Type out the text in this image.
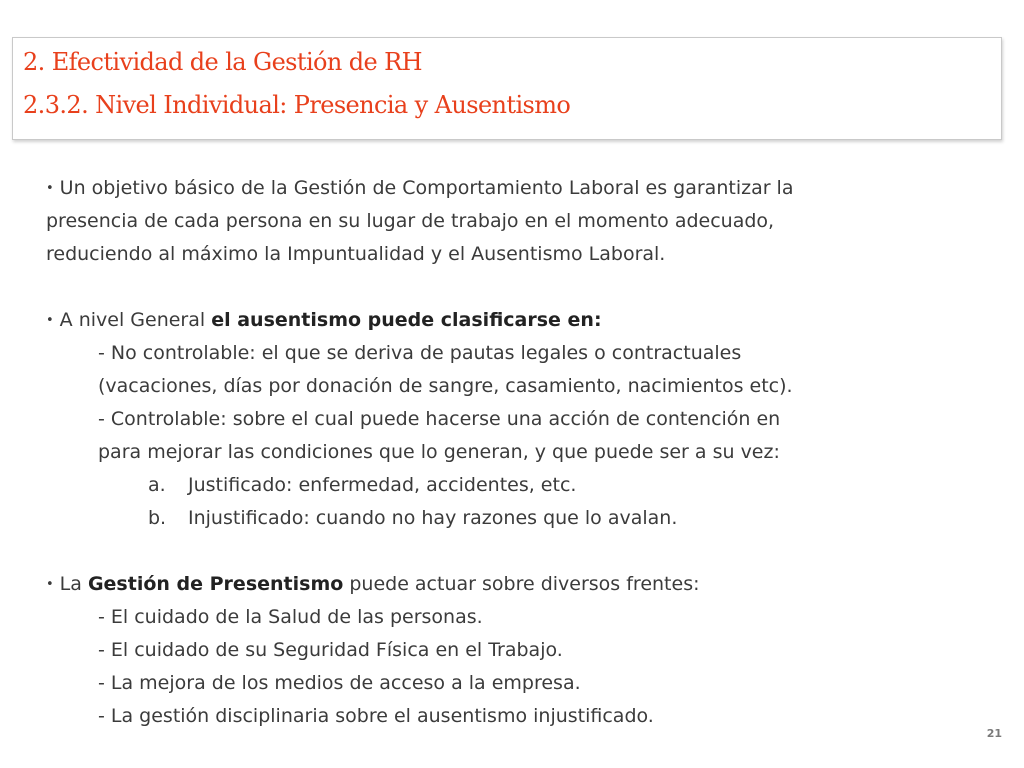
2. Efectividad de la Gestión de RH
2.3.2. Nivel Individual: Presencia y Ausentismo
• Un objetivo básico de la Gestión de Comportamiento Laboral es garantizar la
presencia de cada persona en su lugar de trabajo en el momento adecuado,
reduciendo al máximo la Impuntualidad y el Ausentismo Laboral.
• A nivel General el ausentismo puede clasificarse en:
- No controlable: el que se deriva de pautas legales o contractuales
(vacaciones, días por donación de sangre, casamiento, nacimientos etc).
- Controlable: sobre el cual puede hacerse una acción de contención en
para mejorar las condiciones que lo generan, y que puede ser a su vez:
a. Justificado: enfermedad, accidentes, etc.
b. Injustificado: cuando no hay razones que lo avalan.
• La Gestión de Presentismo puede actuar sobre diversos frentes:
- El cuidado de la Salud de las personas.
- El cuidado de su Seguridad Física en el Trabajo.
- La mejora de los medios de acceso a la empresa.
- La gestión disciplinaria sobre el ausentismo injustificado.
21
